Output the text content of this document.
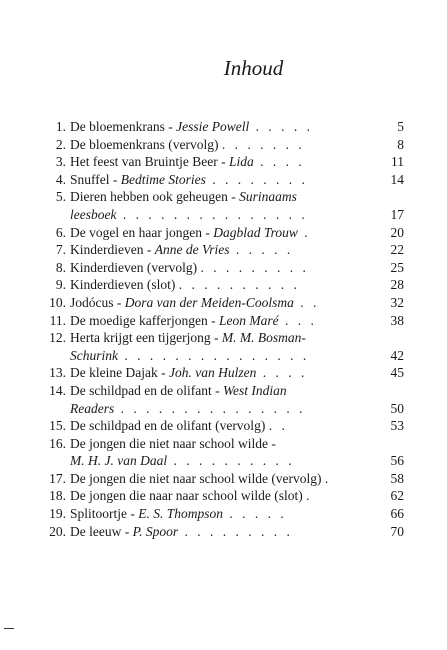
Inhoud
1. De bloemenkrans - Jessie Powell . . . . .	5
2. De bloemenkrans (vervolg) . . . . . . .	8
3. Het feest van Bruintje Beer - Lida . . . .	11
4. Snuffel - Bedtime Stories . . . . . . . .	14
5. Dieren hebben ook geheugen - Surinaams
leesboek . . . . . . . . . . . . . . .	17
6. De vogel en haar jongen - Dagblad Trouw .	20
7. Kinderdieven - Anne de Vries . . . . .	22
8. Kinderdieven (vervolg) . . . . . . . . .	25
9. Kinderdieven (slot) . . . . . . . . . .	28
10. Jodócus - Dora van der Meiden-Coolsma . .	32
11. De moedige kafferjongen - Leon Maré . . .	38
12. Herta krijgt een tijgerjong - M. M. Bosman-
Schurink . . . . . . . . . . . . . . .	42
13. De kleine Dajak - Joh. van Hulzen . . . .	45
14. De schildpad en de olifant - West Indian
Readers . . . . . . . . . . . . . . .	50
15. De schildpad en de olifant (vervolg) . .	53
16. De jongen die niet naar school wilde -
M. H. J. van Daal . . . . . . . . . .	56
17. De jongen die niet naar school wilde (vervolg) .	58
18. De jongen die naar naar school wilde (slot) .	62
19. Splitoortje - E. S. Thompson . . . . .	66
20. De leeuw - P. Spoor . . . . . . . . .	70
